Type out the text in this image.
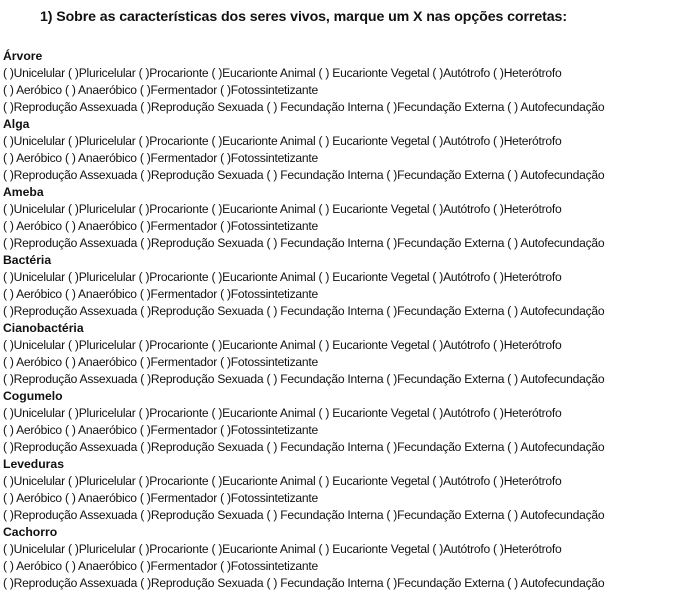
1) Sobre as características dos seres vivos, marque um X nas opções corretas:
Árvore
( )Unicelular ( )Pluricelular ( )Procarionte ( )Eucarionte Animal ( ) Eucarionte Vegetal ( )Autótrofo ( )Heterótrofo
( ) Aeróbico ( ) Anaeróbico ( )Fermentador ( )Fotossintetizante
( )Reprodução Assexuada ( )Reprodução Sexuada ( ) Fecundação Interna ( )Fecundação Externa ( ) Autofecundação
Alga
( )Unicelular ( )Pluricelular ( )Procarionte ( )Eucarionte Animal ( ) Eucarionte Vegetal ( )Autótrofo ( )Heterótrofo
( ) Aeróbico ( ) Anaeróbico ( )Fermentador ( )Fotossintetizante
( )Reprodução Assexuada ( )Reprodução Sexuada ( ) Fecundação Interna ( )Fecundação Externa ( ) Autofecundação
Ameba
( )Unicelular ( )Pluricelular ( )Procarionte ( )Eucarionte Animal ( ) Eucarionte Vegetal ( )Autótrofo ( )Heterótrofo
( ) Aeróbico ( ) Anaeróbico ( )Fermentador ( )Fotossintetizante
( )Reprodução Assexuada ( )Reprodução Sexuada ( ) Fecundação Interna ( )Fecundação Externa ( ) Autofecundação
Bactéria
( )Unicelular ( )Pluricelular ( )Procarionte ( )Eucarionte Animal ( ) Eucarionte Vegetal ( )Autótrofo ( )Heterótrofo
( ) Aeróbico ( ) Anaeróbico ( )Fermentador ( )Fotossintetizante
( )Reprodução Assexuada ( )Reprodução Sexuada ( ) Fecundação Interna ( )Fecundação Externa ( ) Autofecundação
Cianobactéria
( )Unicelular ( )Pluricelular ( )Procarionte ( )Eucarionte Animal ( ) Eucarionte Vegetal ( )Autótrofo ( )Heterótrofo
( ) Aeróbico ( ) Anaeróbico ( )Fermentador ( )Fotossintetizante
( )Reprodução Assexuada ( )Reprodução Sexuada ( ) Fecundação Interna ( )Fecundação Externa ( ) Autofecundação
Cogumelo
( )Unicelular ( )Pluricelular ( )Procarionte ( )Eucarionte Animal ( ) Eucarionte Vegetal ( )Autótrofo ( )Heterótrofo
( ) Aeróbico ( ) Anaeróbico ( )Fermentador ( )Fotossintetizante
( )Reprodução Assexuada ( )Reprodução Sexuada ( ) Fecundação Interna ( )Fecundação Externa ( ) Autofecundação
Leveduras
( )Unicelular ( )Pluricelular ( )Procarionte ( )Eucarionte Animal ( ) Eucarionte Vegetal ( )Autótrofo ( )Heterótrofo
( ) Aeróbico ( ) Anaeróbico ( )Fermentador ( )Fotossintetizante
( )Reprodução Assexuada ( )Reprodução Sexuada ( ) Fecundação Interna ( )Fecundação Externa ( ) Autofecundação
Cachorro
( )Unicelular ( )Pluricelular ( )Procarionte ( )Eucarionte Animal ( ) Eucarionte Vegetal ( )Autótrofo ( )Heterótrofo
( ) Aeróbico ( ) Anaeróbico ( )Fermentador ( )Fotossintetizante
( )Reprodução Assexuada ( )Reprodução Sexuada ( ) Fecundação Interna ( )Fecundação Externa ( ) Autofecundação
